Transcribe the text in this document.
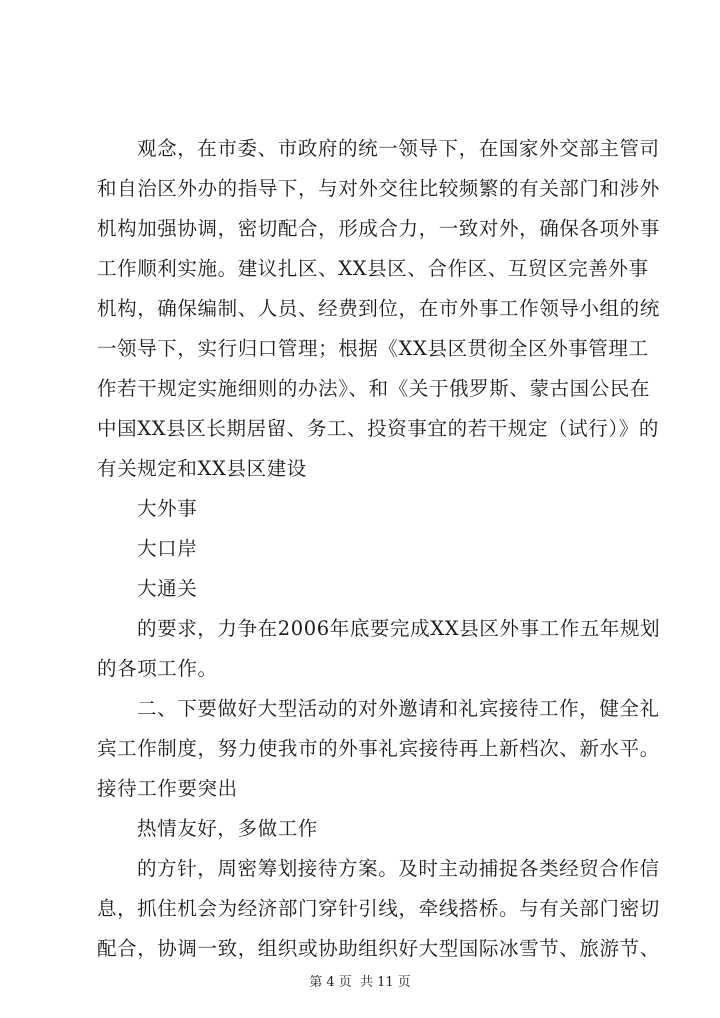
观念，在市委、市政府的统一领导下，在国家外交部主管司
和自治区外办的指导下，与对外交往比较频繁的有关部门和涉外
机构加强协调，密切配合，形成合力，一致对外，确保各项外事
工作顺利实施。建议扎区、XX县区、合作区、互贸区完善外事
机构，确保编制、人员、经费到位，在市外事工作领导小组的统
一领导下，实行归口管理；根据《XX县区贯彻全区外事管理工
作若干规定实施细则的办法》、和《关于俄罗斯、蒙古国公民在
中国XX县区长期居留、务工、投资事宜的若干规定（试行）》的
有关规定和XX县区建设
大外事
大口岸
大通关
的要求，力争在2006年底要完成XX县区外事工作五年规划
的各项工作。
二、下要做好大型活动的对外邀请和礼宾接待工作，健全礼
宾工作制度，努力使我市的外事礼宾接待再上新档次、新水平。
接待工作要突出
热情友好，多做工作
的方针，周密筹划接待方案。及时主动捕捉各类经贸合作信
息，抓住机会为经济部门穿针引线，牵线搭桥。与有关部门密切
配合，协调一致，组织或协助组织好大型国际冰雪节、旅游节、
第 4 页  共 11 页
